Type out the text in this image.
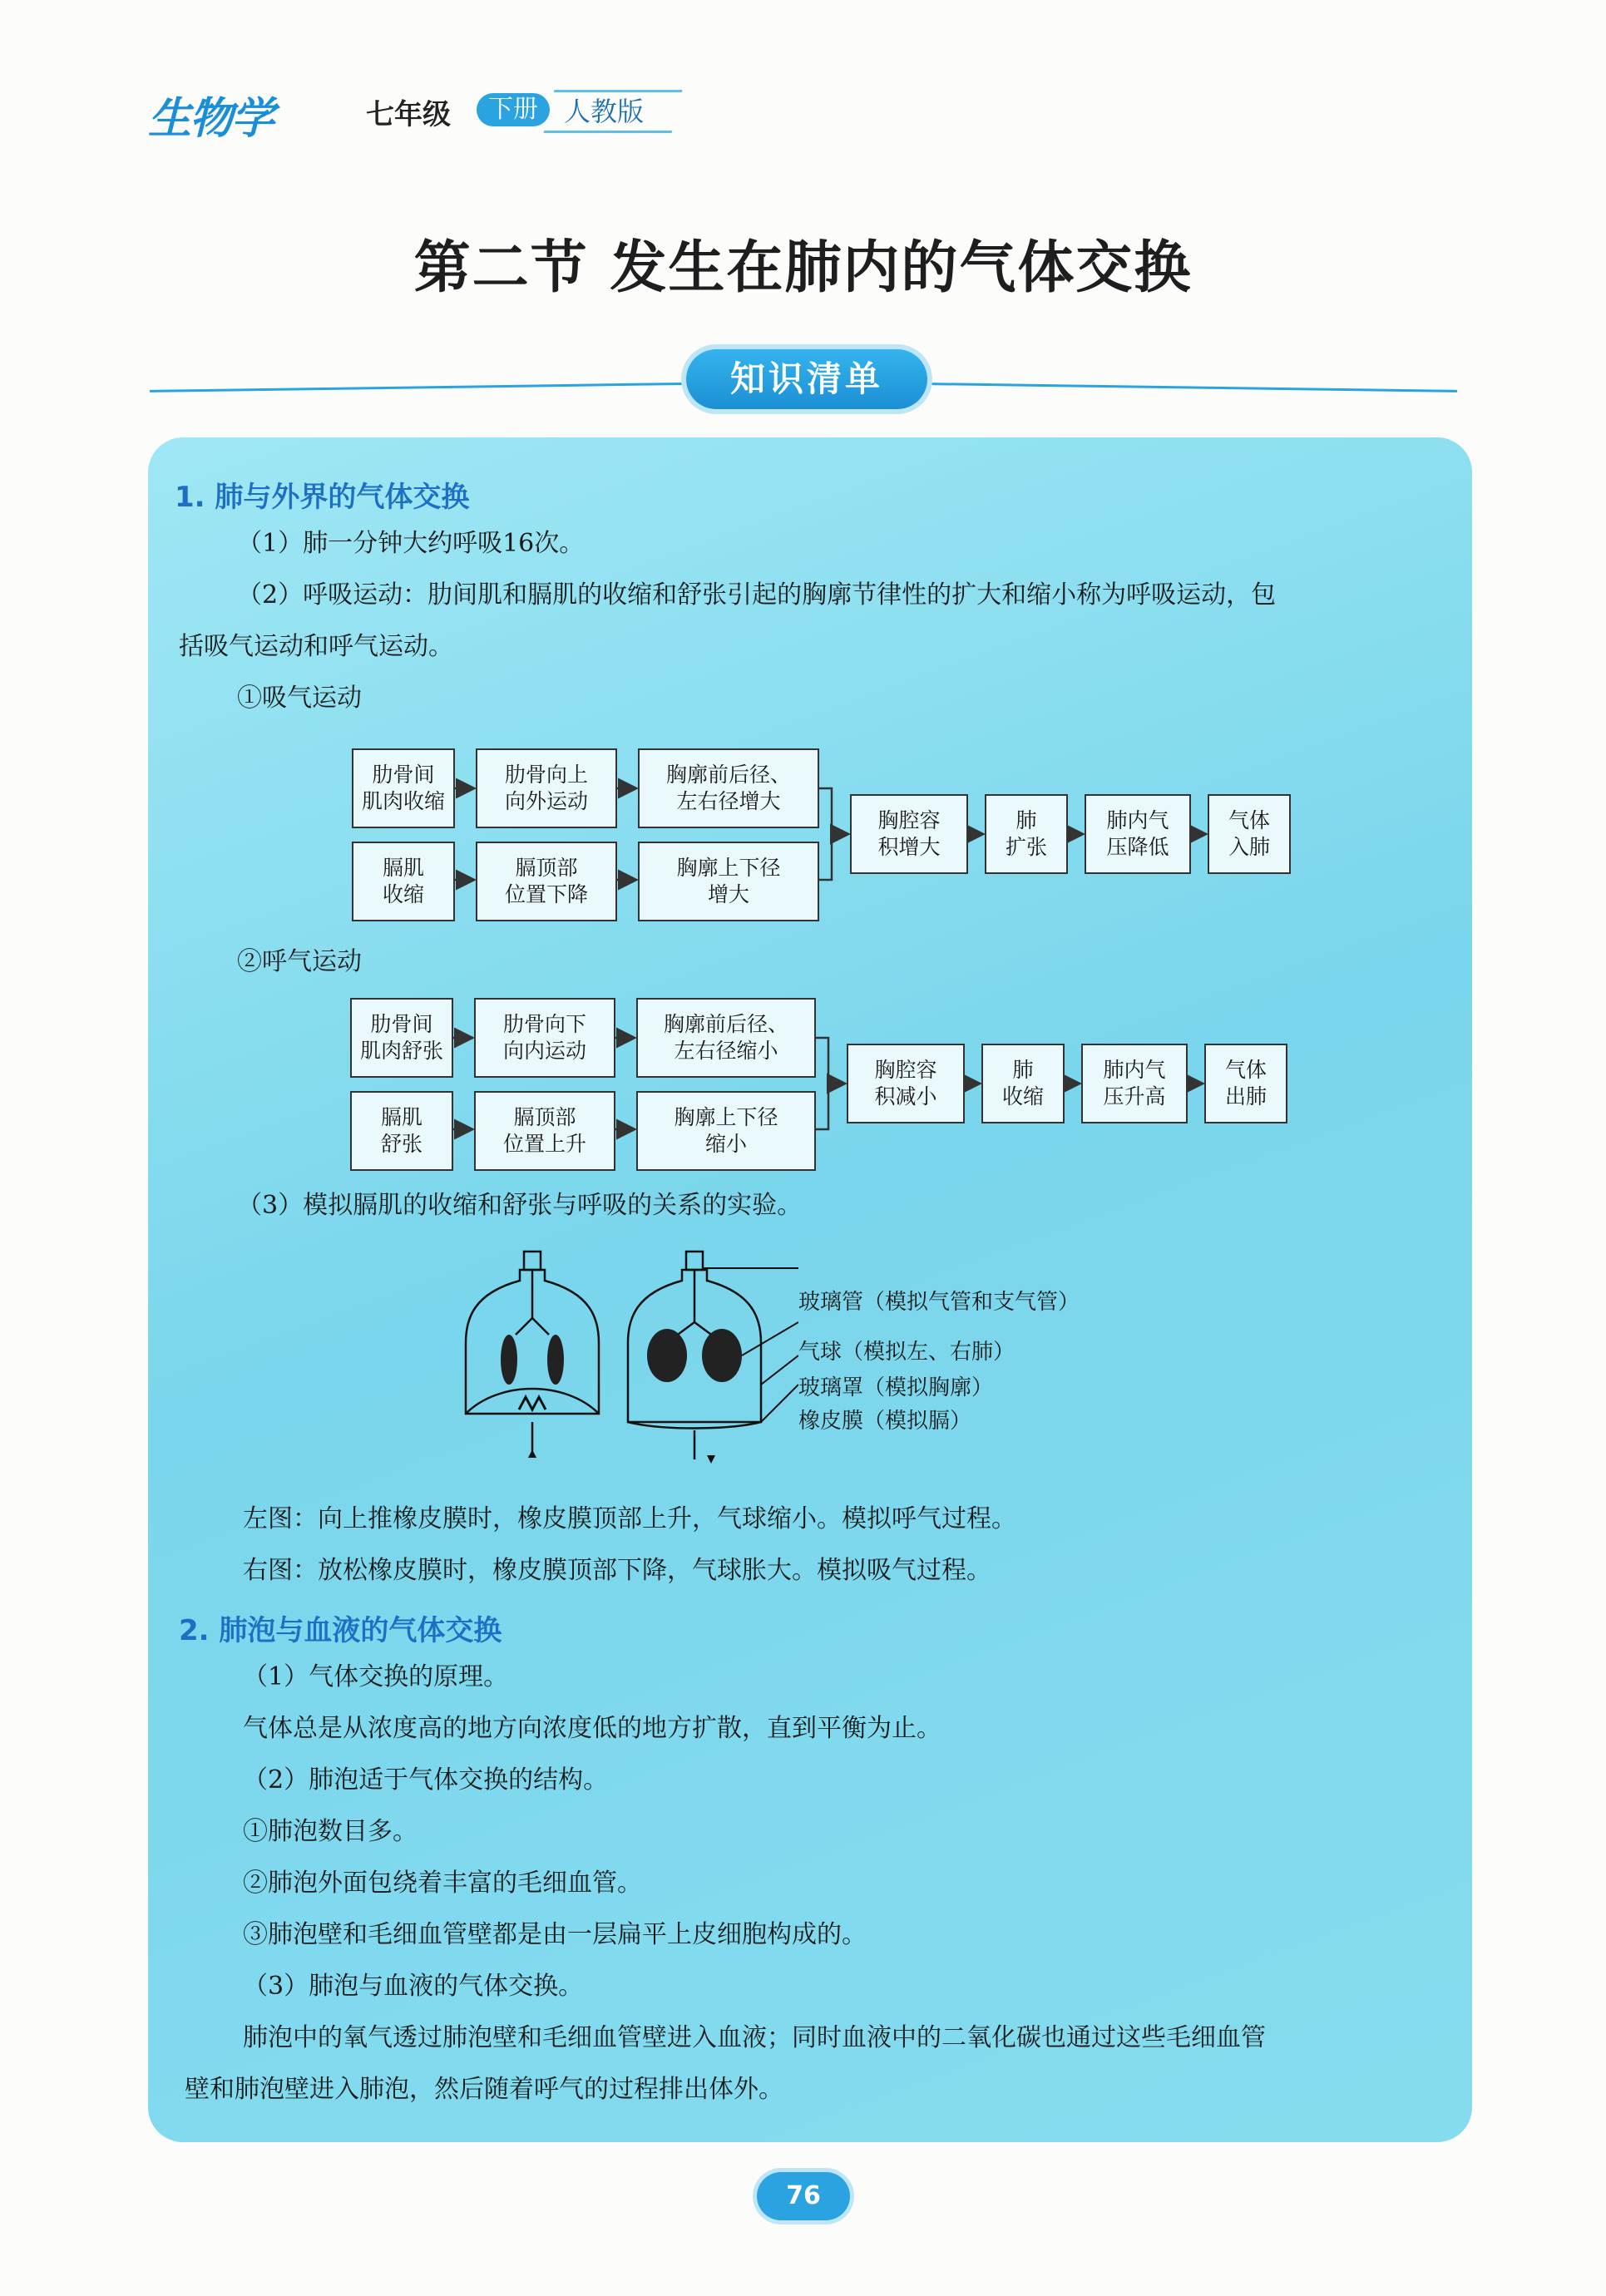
生物学	七年级	下册 人教版
第二节 发生在肺内的气体交换
知识清单
1. 肺与外界的气体交换
（1）肺一分钟大约呼吸16次。
（2）呼吸运动：肋间肌和膈肌的收缩和舒张引起的胸廓节律性的扩大和缩小称为呼吸运动，包
括吸气运动和呼气运动。
①吸气运动
肋骨间
肌肉收缩
肋骨向上
向外运动
胸廓前后径、
左右径增大
膈肌
收缩
膈顶部
位置下降
胸廓上下径
增大
胸腔容
积增大
肺
扩张
肺内气
压降低
气体
入肺
②呼气运动
肋骨间
肌肉舒张
肋骨向下
向内运动
胸廓前后径、
左右径缩小
膈肌
舒张
膈顶部
位置上升
胸廓上下径
缩小
胸腔容
积减小
肺
收缩
肺内气
压升高
气体
出肺
（3）模拟膈肌的收缩和舒张与呼吸的关系的实验。
玻璃管（模拟气管和支气管）
气球（模拟左、右肺）
玻璃罩（模拟胸廓）
橡皮膜（模拟膈）
左图：向上推橡皮膜时，橡皮膜顶部上升，气球缩小。模拟呼气过程。
右图：放松橡皮膜时，橡皮膜顶部下降，气球胀大。模拟吸气过程。
2. 肺泡与血液的气体交换
（1）气体交换的原理。
气体总是从浓度高的地方向浓度低的地方扩散，直到平衡为止。
（2）肺泡适于气体交换的结构。
①肺泡数目多。
②肺泡外面包绕着丰富的毛细血管。
③肺泡壁和毛细血管壁都是由一层扁平上皮细胞构成的。
（3）肺泡与血液的气体交换。
肺泡中的氧气透过肺泡壁和毛细血管壁进入血液；同时血液中的二氧化碳也通过这些毛细血管
壁和肺泡壁进入肺泡，然后随着呼气的过程排出体外。
76
